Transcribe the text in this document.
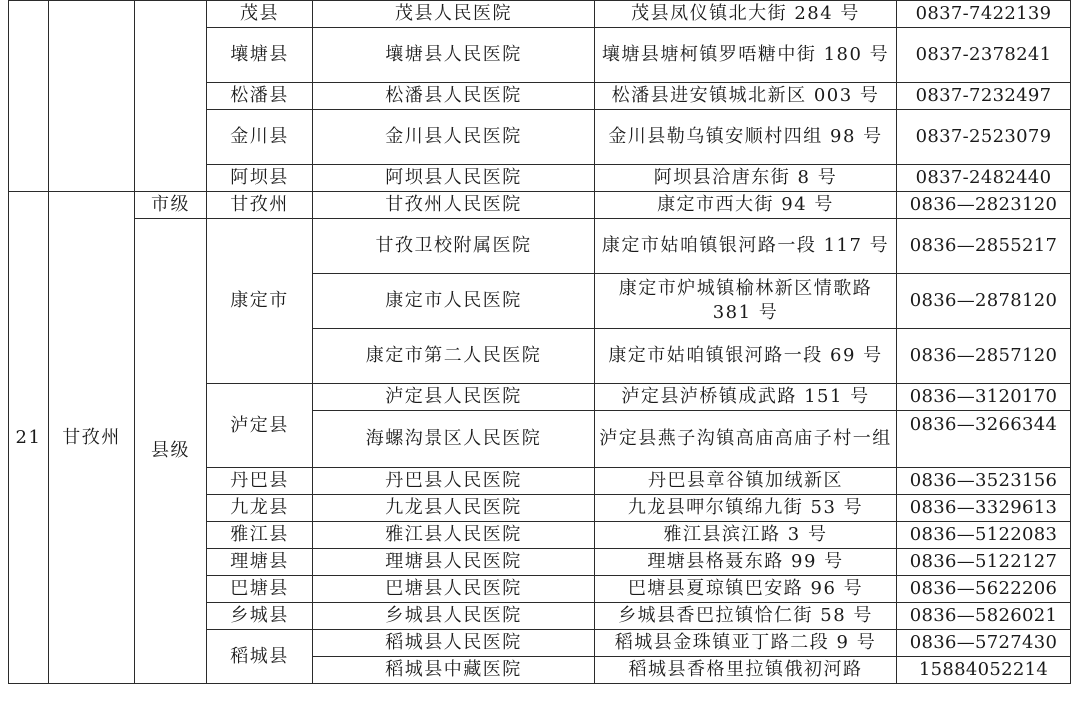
			茂县	茂县人民医院	茂县凤仪镇北大街 284 号	0837-7422139
			壤塘县	壤塘县人民医院	壤塘县塘柯镇罗唔糖中街 180 号	0837-2378241
			松潘县	松潘县人民医院	松潘县进安镇城北新区 003 号	0837-7232497
			金川县	金川县人民医院	金川县勒乌镇安顺村四组 98 号	0837-2523079
			阿坝县	阿坝县人民医院	阿坝县洽唐东街 8 号	0837-2482440
21	甘孜州	市级	甘孜州	甘孜州人民医院	康定市西大街 94 号	0836—2823120
		县级	康定市	甘孜卫校附属医院	康定市姑咱镇银河路一段 117 号	0836—2855217
				康定市人民医院	康定市炉城镇榆林新区情歌路 381 号	0836—2878120
				康定市第二人民医院	康定市姑咱镇银河路一段 69 号	0836—2857120
			泸定县	泸定县人民医院	泸定县泸桥镇成武路 151 号	0836—3120170
				海螺沟景区人民医院	泸定县燕子沟镇高庙高庙子村一组	0836—3266344
			丹巴县	丹巴县人民医院	丹巴县章谷镇加绒新区	0836—3523156
			九龙县	九龙县人民医院	九龙县呷尔镇绵九街 53 号	0836—3329613
			雅江县	雅江县人民医院	雅江县滨江路 3 号	0836—5122083
			理塘县	理塘县人民医院	理塘县格聂东路 99 号	0836—5122127
			巴塘县	巴塘县人民医院	巴塘县夏琼镇巴安路 96 号	0836—5622206
			乡城县	乡城县人民医院	乡城县香巴拉镇恰仁街 58 号	0836—5826021
			稻城县	稻城县人民医院	稻城县金珠镇亚丁路二段 9 号	0836—5727430
				稻城县中藏医院	稻城县香格里拉镇俄初河路	15884052214
